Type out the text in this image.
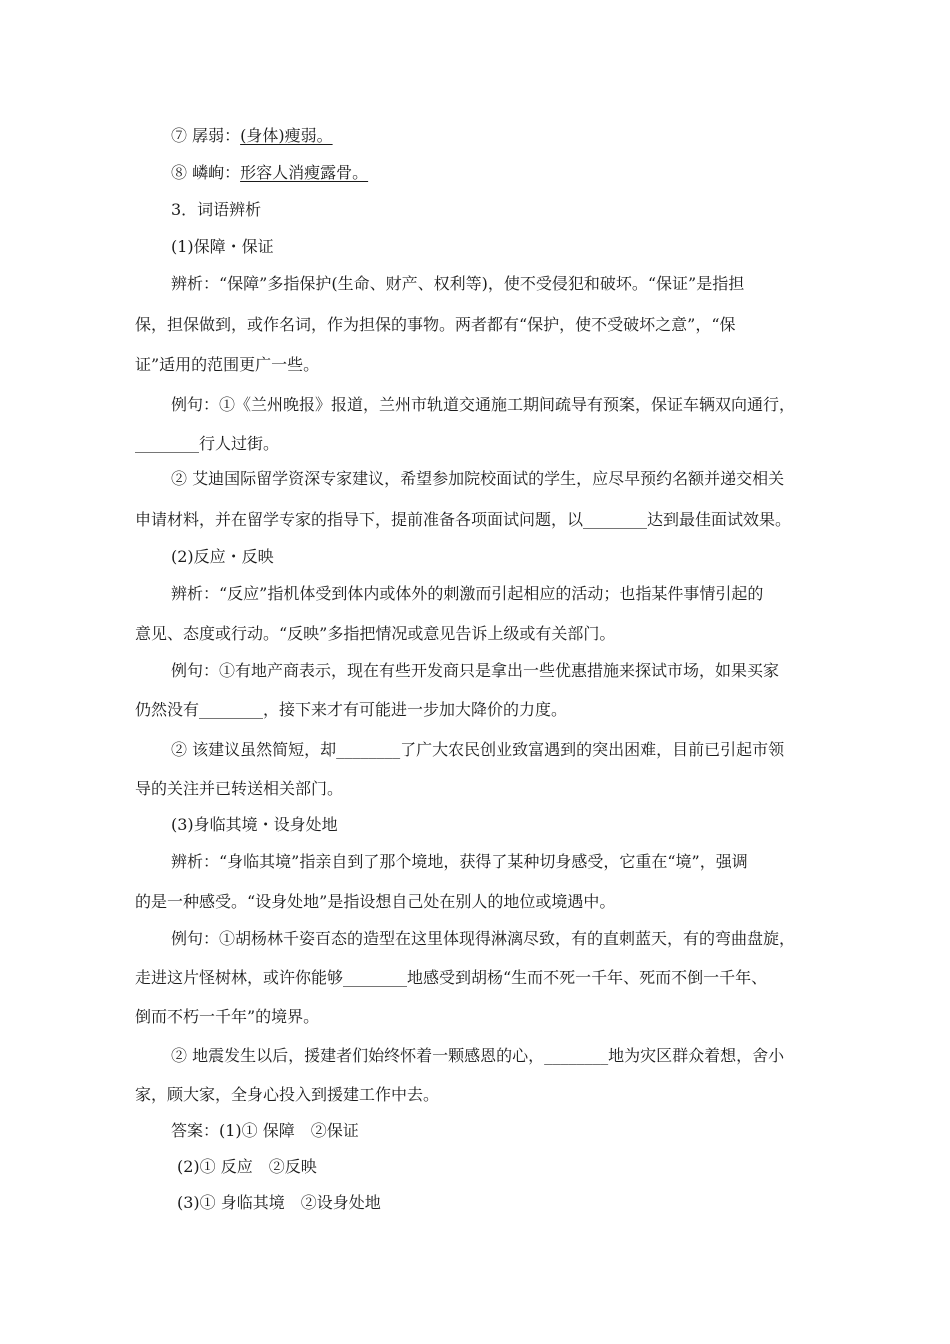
⑦ 孱弱：(身体)瘦弱。
⑧ 嶙峋：形容人消瘦露骨。
3．词语辨析
(1)保障・保证
辨析：“保障”多指保护(生命、财产、权利等)，使不受侵犯和破坏。“保证”是指担
保，担保做到，或作名词，作为担保的事物。两者都有“保护，使不受破坏之意”，“保
证”适用的范围更广一些。
例句：①《兰州晚报》报道，兰州市轨道交通施工期间疏导有预案，保证车辆双向通行，
________行人过街。
② 艾迪国际留学资深专家建议，希望参加院校面试的学生，应尽早预约名额并递交相关
申请材料，并在留学专家的指导下，提前准备各项面试问题，以________达到最佳面试效果。
(2)反应・反映
辨析：“反应”指机体受到体内或体外的刺激而引起相应的活动；也指某件事情引起的
意见、态度或行动。“反映”多指把情况或意见告诉上级或有关部门。
例句：①有地产商表示，现在有些开发商只是拿出一些优惠措施来探试市场，如果买家
仍然没有________，接下来才有可能进一步加大降价的力度。
② 该建议虽然简短，却________了广大农民创业致富遇到的突出困难，目前已引起市领
导的关注并已转送相关部门。
(3)身临其境・设身处地
辨析：“身临其境”指亲自到了那个境地，获得了某种切身感受，它重在“境”，强调
的是一种感受。“设身处地”是指设想自己处在别人的地位或境遇中。
例句：①胡杨林千姿百态的造型在这里体现得淋漓尽致，有的直刺蓝天，有的弯曲盘旋，
走进这片怪树林，或许你能够________地感受到胡杨“生而不死一千年、死而不倒一千年、
倒而不朽一千年”的境界。
② 地震发生以后，援建者们始终怀着一颗感恩的心，________地为灾区群众着想，舍小
家，顾大家，全身心投入到援建工作中去。
答案：(1)① 保障　②保证
(2)① 反应　②反映
(3)① 身临其境　②设身处地
